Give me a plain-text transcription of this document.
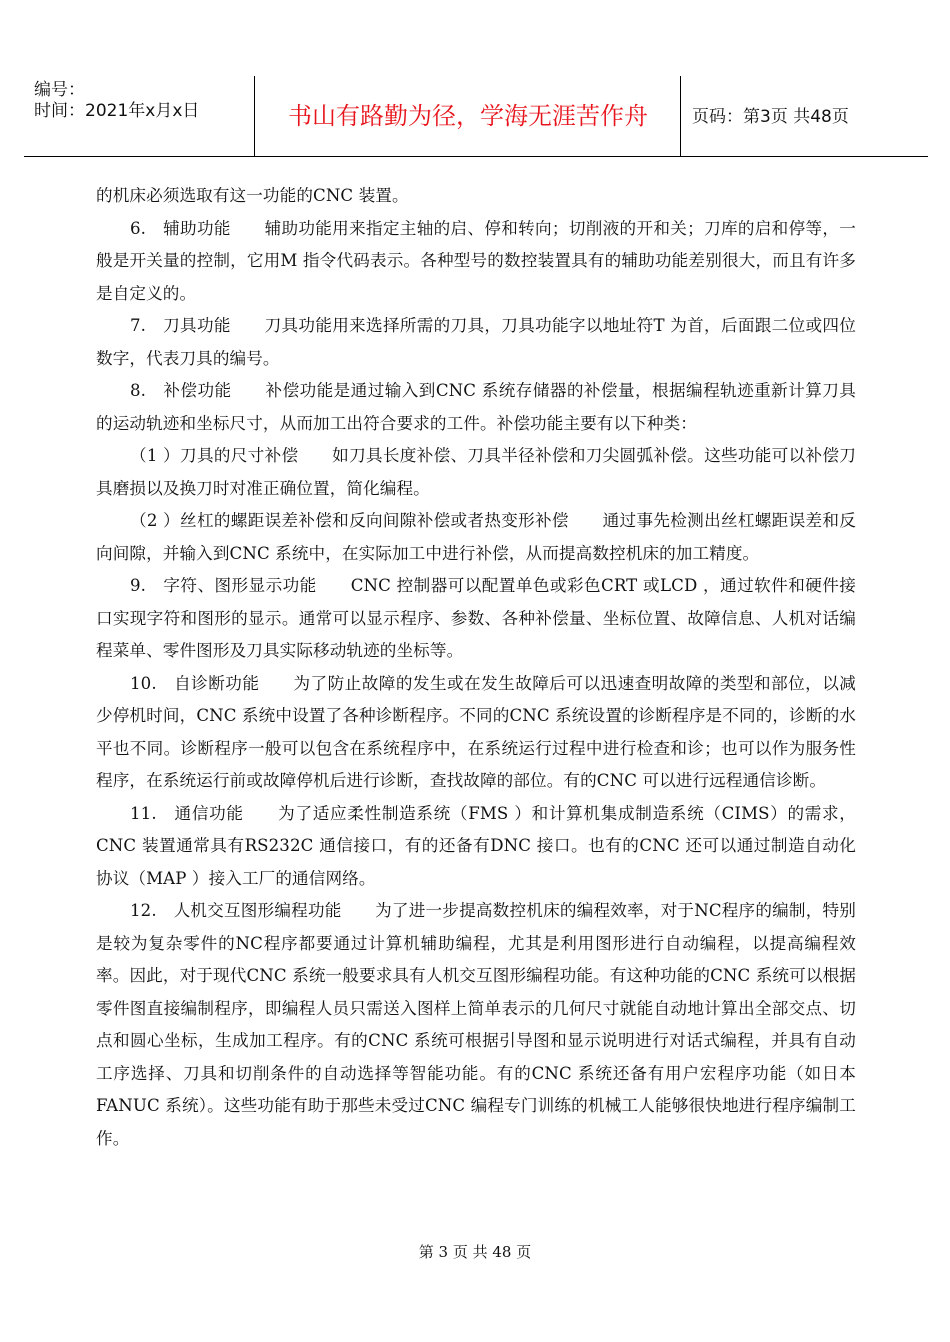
编号：
时间：2021年x月x日	书山有路勤为径，学海无涯苦作舟	页码：第3页 共48页

的机床必须选取有这一功能的CNC 装置。

6.　辅助功能　　辅助功能用来指定主轴的启、停和转向；切削液的开和关；刀库的启和停等，一般是开关量的控制，它用M 指令代码表示。各种型号的数控装置具有的辅助功能差别很大，而且有许多是自定义的。

7.　刀具功能　　刀具功能用来选择所需的刀具，刀具功能字以地址符T 为首，后面跟二位或四位数字，代表刀具的编号。

8.　补偿功能　　补偿功能是通过输入到CNC 系统存储器的补偿量，根据编程轨迹重新计算刀具的运动轨迹和坐标尺寸，从而加工出符合要求的工件。补偿功能主要有以下种类：

（1 ）刀具的尺寸补偿　　如刀具长度补偿、刀具半径补偿和刀尖圆弧补偿。这些功能可以补偿刀具磨损以及换刀时对准正确位置，简化编程。

（2 ）丝杠的螺距误差补偿和反向间隙补偿或者热变形补偿　　通过事先检测出丝杠螺距误差和反向间隙，并输入到CNC 系统中，在实际加工中进行补偿，从而提高数控机床的加工精度。

9.　字符、图形显示功能　　CNC 控制器可以配置单色或彩色CRT 或LCD ，通过软件和硬件接口实现字符和图形的显示。通常可以显示程序、参数、各种补偿量、坐标位置、故障信息、人机对话编程菜单、零件图形及刀具实际移动轨迹的坐标等。

10.　自诊断功能　　为了防止故障的发生或在发生故障后可以迅速查明故障的类型和部位，以减少停机时间，CNC 系统中设置了各种诊断程序。不同的CNC 系统设置的诊断程序是不同的，诊断的水平也不同。诊断程序一般可以包含在系统程序中，在系统运行过程中进行检查和诊；也可以作为服务性程序，在系统运行前或故障停机后进行诊断，查找故障的部位。有的CNC 可以进行远程通信诊断。

11.　通信功能　　为了适应柔性制造系统（FMS ）和计算机集成制造系统（CIMS）的需求，CNC 装置通常具有RS232C 通信接口，有的还备有DNC 接口。也有的CNC 还可以通过制造自动化协议（MAP ）接入工厂的通信网络。

12.　人机交互图形编程功能　　为了进一步提高数控机床的编程效率，对于NC程序的编制，特别是较为复杂零件的NC程序都要通过计算机辅助编程，尤其是利用图形进行自动编程，以提高编程效率。因此，对于现代CNC 系统一般要求具有人机交互图形编程功能。有这种功能的CNC 系统可以根据零件图直接编制程序，即编程人员只需送入图样上简单表示的几何尺寸就能自动地计算出全部交点、切点和圆心坐标，生成加工程序。有的CNC 系统可根据引导图和显示说明进行对话式编程，并具有自动工序选择、刀具和切削条件的自动选择等智能功能。有的CNC 系统还备有用户宏程序功能（如日本FANUC 系统）。这些功能有助于那些未受过CNC 编程专门训练的机械工人能够很快地进行程序编制工作。

第 3 页 共 48 页
